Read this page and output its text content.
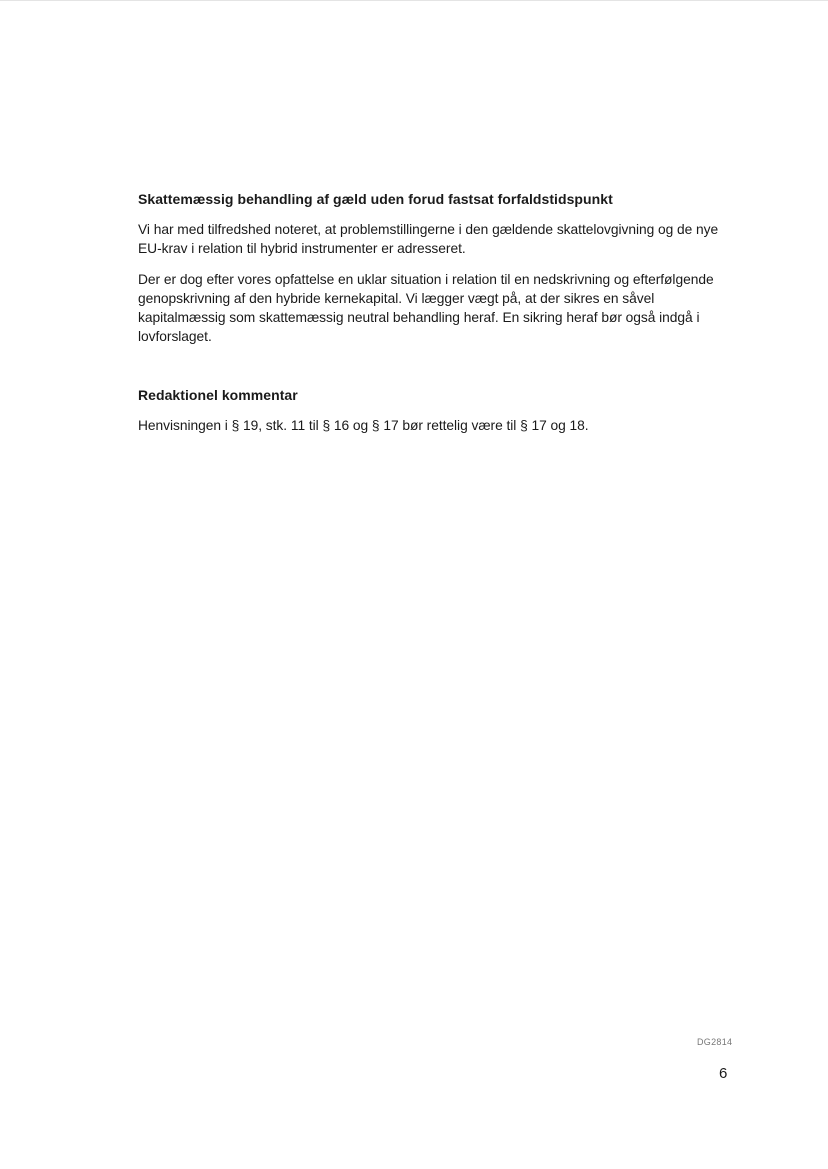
Skattemæssig behandling af gæld uden forud fastsat forfaldstidspunkt

Vi har med tilfredshed noteret, at problemstillingerne i den gældende skattelovgivning og de nye EU-krav i relation til hybrid instrumenter er adresseret.

Der er dog efter vores opfattelse en uklar situation i relation til en nedskrivning og efterfølgende genopskrivning af den hybride kernekapital. Vi lægger vægt på, at der sikres en såvel kapitalmæssig som skattemæssig neutral behandling heraf. En sikring heraf bør også indgå i lovforslaget.

Redaktionel kommentar

Henvisningen i § 19, stk. 11 til § 16 og § 17 bør rettelig være til § 17 og 18.

DG2814
6
